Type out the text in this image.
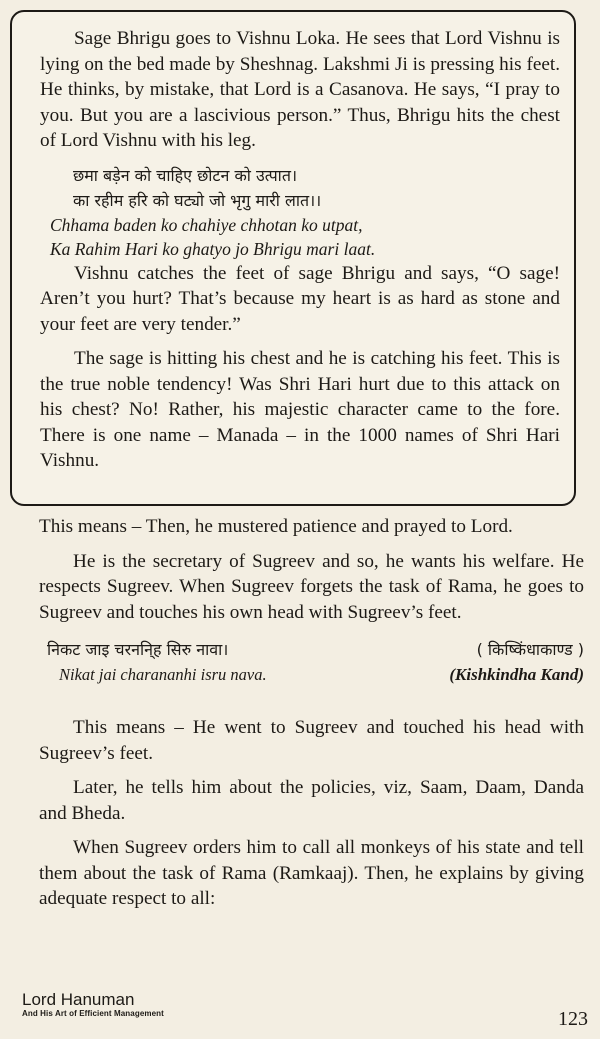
Sage Bhrigu goes to Vishnu Loka. He sees that Lord Vishnu is lying on the bed made by Sheshnag. Lakshmi Ji is pressing his feet. He thinks, by mistake, that Lord is a Casanova. He says, “I pray to you. But you are a lascivious person.” Thus, Bhrigu hits the chest of Lord Vishnu with his leg.

छमा बड़ेन को चाहिए छोटन को उत्पात।

का रहीम हरि को घट्यो जो भृगु मारी लात।।

Chhama baden ko chahiye chhotan ko utpat,

Ka Rahim Hari ko ghatyo jo Bhrigu mari laat.

Vishnu catches the feet of sage Bhrigu and says, “O sage! Aren’t you hurt? That’s because my heart is as hard as stone and your feet are very tender.”

The sage is hitting his chest and he is catching his feet. This is the true noble tendency! Was Shri Hari hurt due to this attack on his chest? No! Rather, his majestic character came to the fore. There is one name – Manada – in the 1000 names of Shri Hari Vishnu.

This means – Then, he mustered patience and prayed to Lord.

He is the secretary of Sugreev and so, he wants his welfare. He respects Sugreev. When Sugreev forgets the task of Rama, he goes to Sugreev and touches his own head with Sugreev’s feet.

निकट जाइ चरननि्ह सिरु नावा।	( किष्किंधाकाण्ड )
Nikat jai charananhi isru nava.	(Kishkindha Kand)

This means – He went to Sugreev and touched his head with Sugreev’s feet.

Later, he tells him about the policies, viz, Saam, Daam, Danda and Bheda.

When Sugreev orders him to call all monkeys of his state and tell them about the task of Rama (Ramkaaj). Then, he explains by giving adequate respect to all:

Lord Hanuman
And His Art of Efficient Management	123
